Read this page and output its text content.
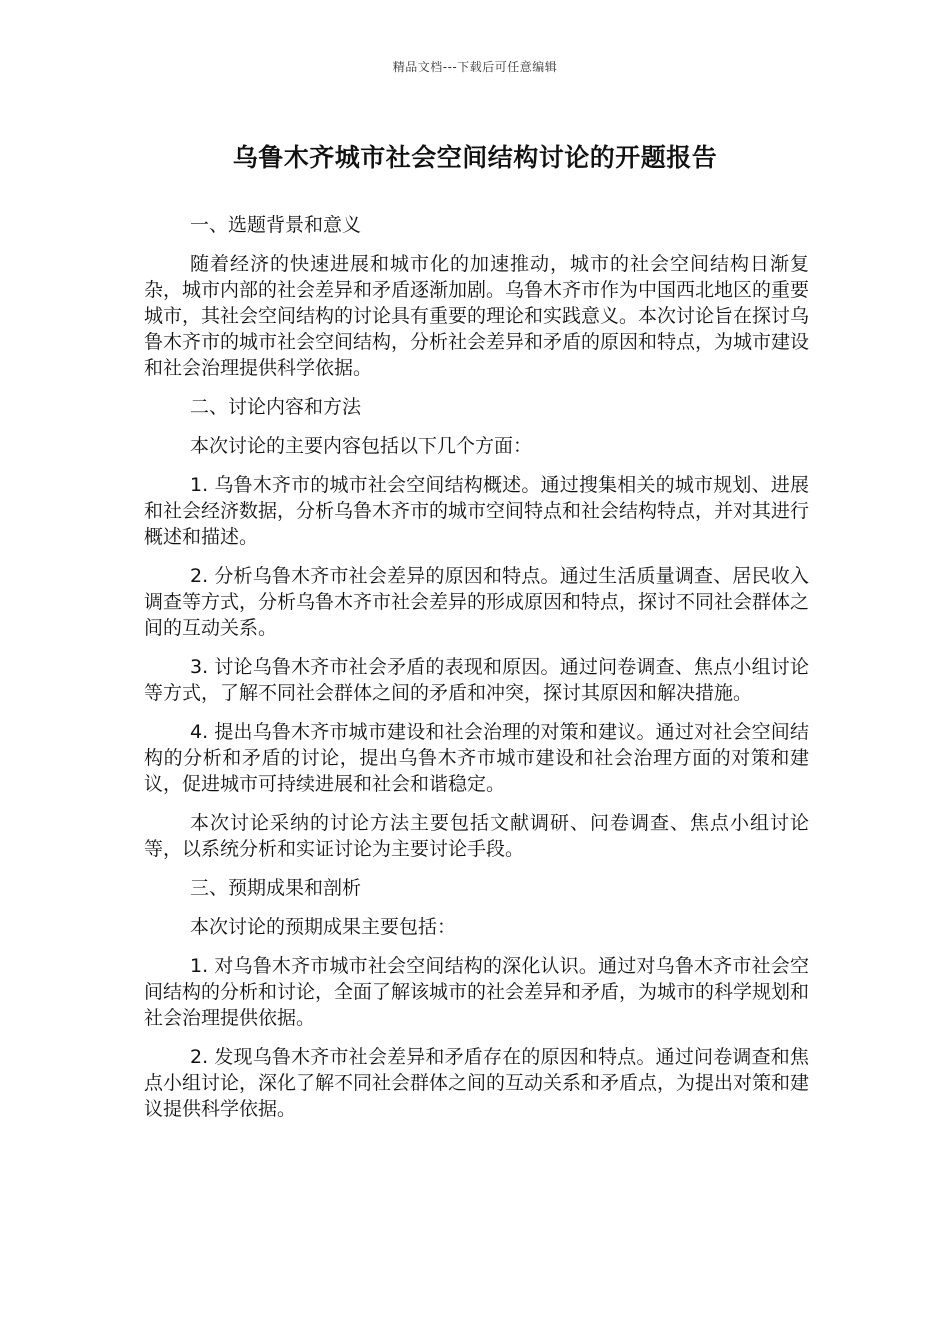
精品文档---下载后可任意编辑
乌鲁木齐城市社会空间结构讨论的开题报告

一、选题背景和意义

随着经济的快速进展和城市化的加速推动，城市的社会空间结构日渐复杂，城市内部的社会差异和矛盾逐渐加剧。乌鲁木齐市作为中国西北地区的重要城市，其社会空间结构的讨论具有重要的理论和实践意义。本次讨论旨在探讨乌鲁木齐市的城市社会空间结构，分析社会差异和矛盾的原因和特点，为城市建设和社会治理提供科学依据。

二、讨论内容和方法

本次讨论的主要内容包括以下几个方面：

1. 乌鲁木齐市的城市社会空间结构概述。通过搜集相关的城市规划、进展和社会经济数据，分析乌鲁木齐市的城市空间特点和社会结构特点，并对其进行概述和描述。

2. 分析乌鲁木齐市社会差异的原因和特点。通过生活质量调查、居民收入调查等方式，分析乌鲁木齐市社会差异的形成原因和特点，探讨不同社会群体之间的互动关系。

3. 讨论乌鲁木齐市社会矛盾的表现和原因。通过问卷调查、焦点小组讨论等方式，了解不同社会群体之间的矛盾和冲突，探讨其原因和解决措施。

4. 提出乌鲁木齐市城市建设和社会治理的对策和建议。通过对社会空间结构的分析和矛盾的讨论，提出乌鲁木齐市城市建设和社会治理方面的对策和建议，促进城市可持续进展和社会和谐稳定。

本次讨论采纳的讨论方法主要包括文献调研、问卷调查、焦点小组讨论等，以系统分析和实证讨论为主要讨论手段。

三、预期成果和剖析

本次讨论的预期成果主要包括：

1. 对乌鲁木齐市城市社会空间结构的深化认识。通过对乌鲁木齐市社会空间结构的分析和讨论，全面了解该城市的社会差异和矛盾，为城市的科学规划和社会治理提供依据。

2. 发现乌鲁木齐市社会差异和矛盾存在的原因和特点。通过问卷调查和焦点小组讨论，深化了解不同社会群体之间的互动关系和矛盾点，为提出对策和建议提供科学依据。
